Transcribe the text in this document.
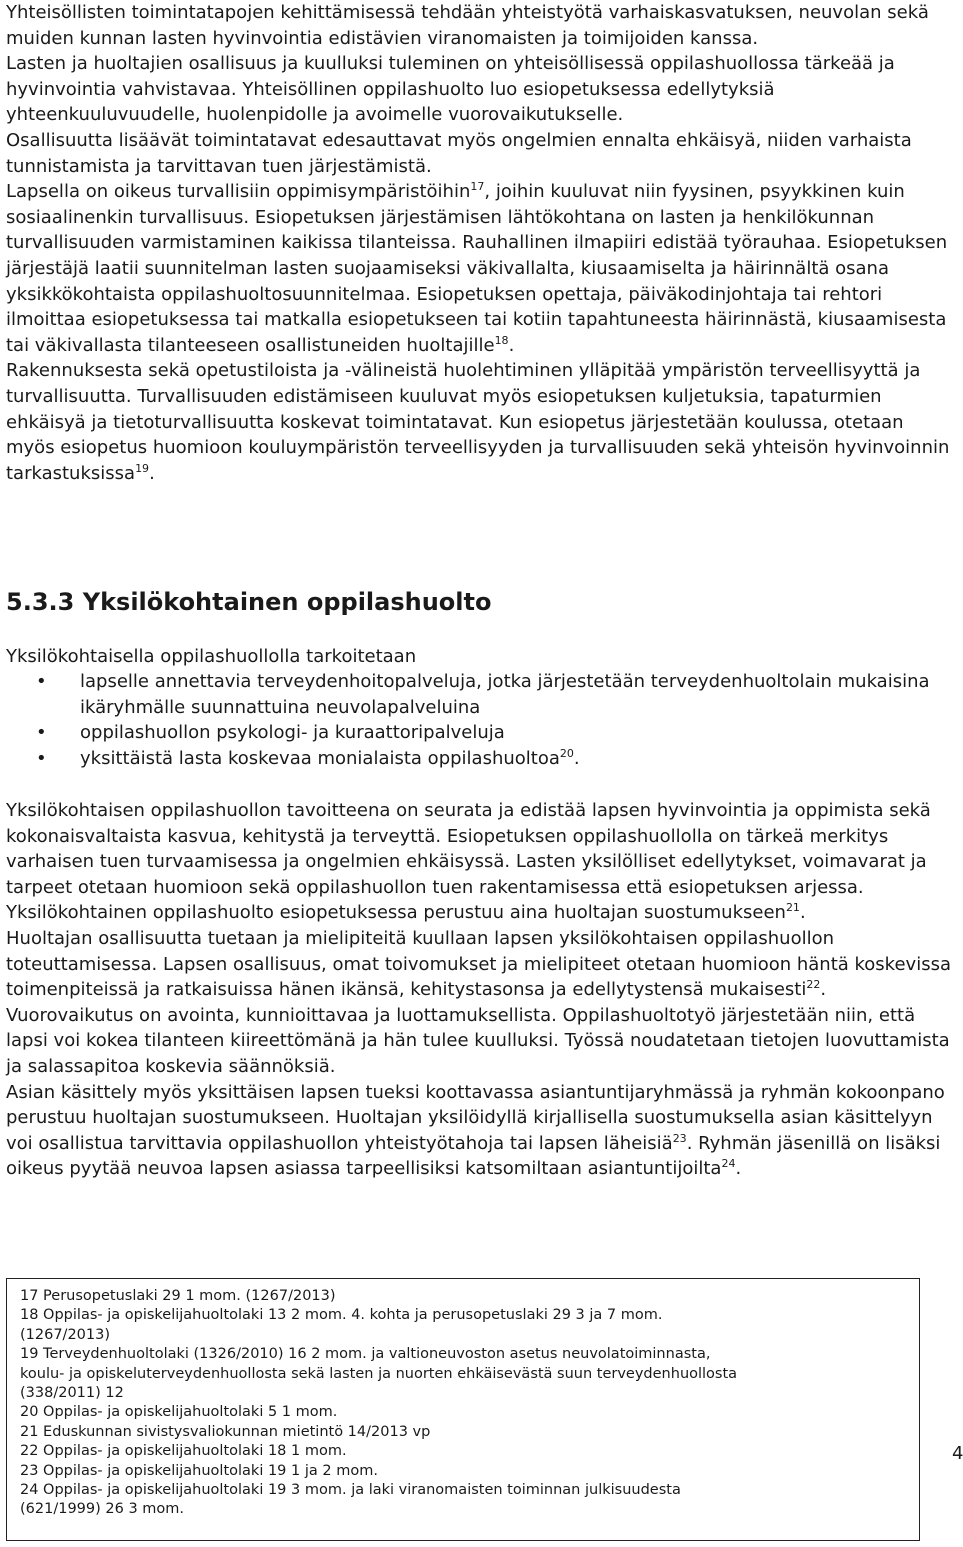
Yhteisöllisten toimintatapojen kehittämisessä tehdään yhteistyötä varhaiskasvatuksen, neuvolan sekä muiden kunnan lasten hyvinvointia edistävien viranomaisten ja toimijoiden kanssa.

Lasten ja huoltajien osallisuus ja kuulluksi tuleminen on yhteisöllisessä oppilashuollossa tärkeää ja hyvinvointia vahvistavaa. Yhteisöllinen oppilashuolto luo esiopetuksessa edellytyksiä yhteenkuuluvuudelle, huolenpidolle ja avoimelle vuorovaikutukselle.

Osallisuutta lisäävät toimintatavat edesauttavat myös ongelmien ennalta ehkäisyä, niiden varhaista tunnistamista ja tarvittavan tuen järjestämistä.

Lapsella on oikeus turvallisiin oppimisympäristöihin$^{17}$, joihin kuuluvat niin fyysinen, psyykkinen kuin sosiaalinenkin turvallisuus. Esiopetuksen järjestämisen lähtökohtana on lasten ja henkilökunnan turvallisuuden varmistaminen kaikissa tilanteissa. Rauhallinen ilmapiiri edistää työrauhaa. Esiopetuksen järjestäjä laatii suunnitelman lasten suojaamiseksi väkivallalta, kiusaamiselta ja häirinnältä osana yksikkökohtaista oppilashuoltosuunnitelmaa. Esiopetuksen opettaja, päiväkodinjohtaja tai rehtori ilmoittaa esiopetuksessa tai matkalla esiopetukseen tai kotiin tapahtuneesta häirinnästä, kiusaamisesta tai väkivallasta tilanteeseen osallistuneiden huoltajille$^{18}$.

Rakennuksesta sekä opetustiloista ja -välineistä huolehtiminen ylläpitää ympäristön terveellisyyttä ja turvallisuutta. Turvallisuuden edistämiseen kuuluvat myös esiopetuksen kuljetuksia, tapaturmien ehkäisyä ja tietoturvallisuutta koskevat toimintatavat. Kun esiopetus järjestetään koulussa, otetaan myös esiopetus huomioon kouluympäristön terveellisyyden ja turvallisuuden sekä yhteisön hyvinvoinnin tarkastuksissa$^{19}$.

5.3.3 Yksilökohtainen oppilashuolto

Yksilökohtaisella oppilashuollolla tarkoitetaan

• lapselle annettavia terveydenhoitopalveluja, jotka järjestetään terveydenhuoltolain mukaisina ikäryhmälle suunnattuina neuvolapalveluina
• oppilashuollon psykologi- ja kuraattoripalveluja
• yksittäistä lasta koskevaa monialaista oppilashuoltoa$^{20}$.

Yksilökohtaisen oppilashuollon tavoitteena on seurata ja edistää lapsen hyvinvointia ja oppimista sekä kokonaisvaltaista kasvua, kehitystä ja terveyttä. Esiopetuksen oppilashuollolla on tärkeä merkitys varhaisen tuen turvaamisessa ja ongelmien ehkäisyssä. Lasten yksilölliset edellytykset, voimavarat ja tarpeet otetaan huomioon sekä oppilashuollon tuen rakentamisessa että esiopetuksen arjessa.

Yksilökohtainen oppilashuolto esiopetuksessa perustuu aina huoltajan suostumukseen$^{21}$.

Huoltajan osallisuutta tuetaan ja mielipiteitä kuullaan lapsen yksilökohtaisen oppilashuollon toteuttamisessa. Lapsen osallisuus, omat toivomukset ja mielipiteet otetaan huomioon häntä koskevissa toimenpiteissä ja ratkaisuissa hänen ikänsä, kehitystasonsa ja edellytystensä mukaisesti$^{22}$. Vuorovaikutus on avointa, kunnioittavaa ja luottamuksellista. Oppilashuoltotyö järjestetään niin, että lapsi voi kokea tilanteen kiireettömänä ja hän tulee kuulluksi. Työssä noudatetaan tietojen luovuttamista ja salassapitoa koskevia säännöksiä.

Asian käsittely myös yksittäisen lapsen tueksi koottavassa asiantuntijaryhmässä ja ryhmän kokoonpano perustuu huoltajan suostumukseen. Huoltajan yksilöidyllä kirjallisella suostumuksella asian käsittelyyn voi osallistua tarvittavia oppilashuollon yhteistyötahoja tai lapsen läheisiä$^{23}$. Ryhmän jäsenillä on lisäksi oikeus pyytää neuvoa lapsen asiassa tarpeellisiksi katsomiltaan asiantuntijoilta$^{24}$.

17 Perusopetuslaki 29 1 mom. (1267/2013)
18 Oppilas- ja opiskelijahuoltolaki 13 2 mom. 4. kohta ja perusopetuslaki 29 3 ja 7 mom.
(1267/2013)
19 Terveydenhuoltolaki (1326/2010) 16 2 mom. ja valtioneuvoston asetus neuvolatoiminnasta,
koulu- ja opiskeluterveydenhuollosta sekä lasten ja nuorten ehkäisevästä suun terveydenhuollosta
(338/2011) 12
20 Oppilas- ja opiskelijahuoltolaki 5 1 mom.
21 Eduskunnan sivistysvaliokunnan mietintö 14/2013 vp
22 Oppilas- ja opiskelijahuoltolaki 18 1 mom.
23 Oppilas- ja opiskelijahuoltolaki 19 1 ja 2 mom.
24 Oppilas- ja opiskelijahuoltolaki 19 3 mom. ja laki viranomaisten toiminnan julkisuudesta
(621/1999) 26 3 mom.
4
